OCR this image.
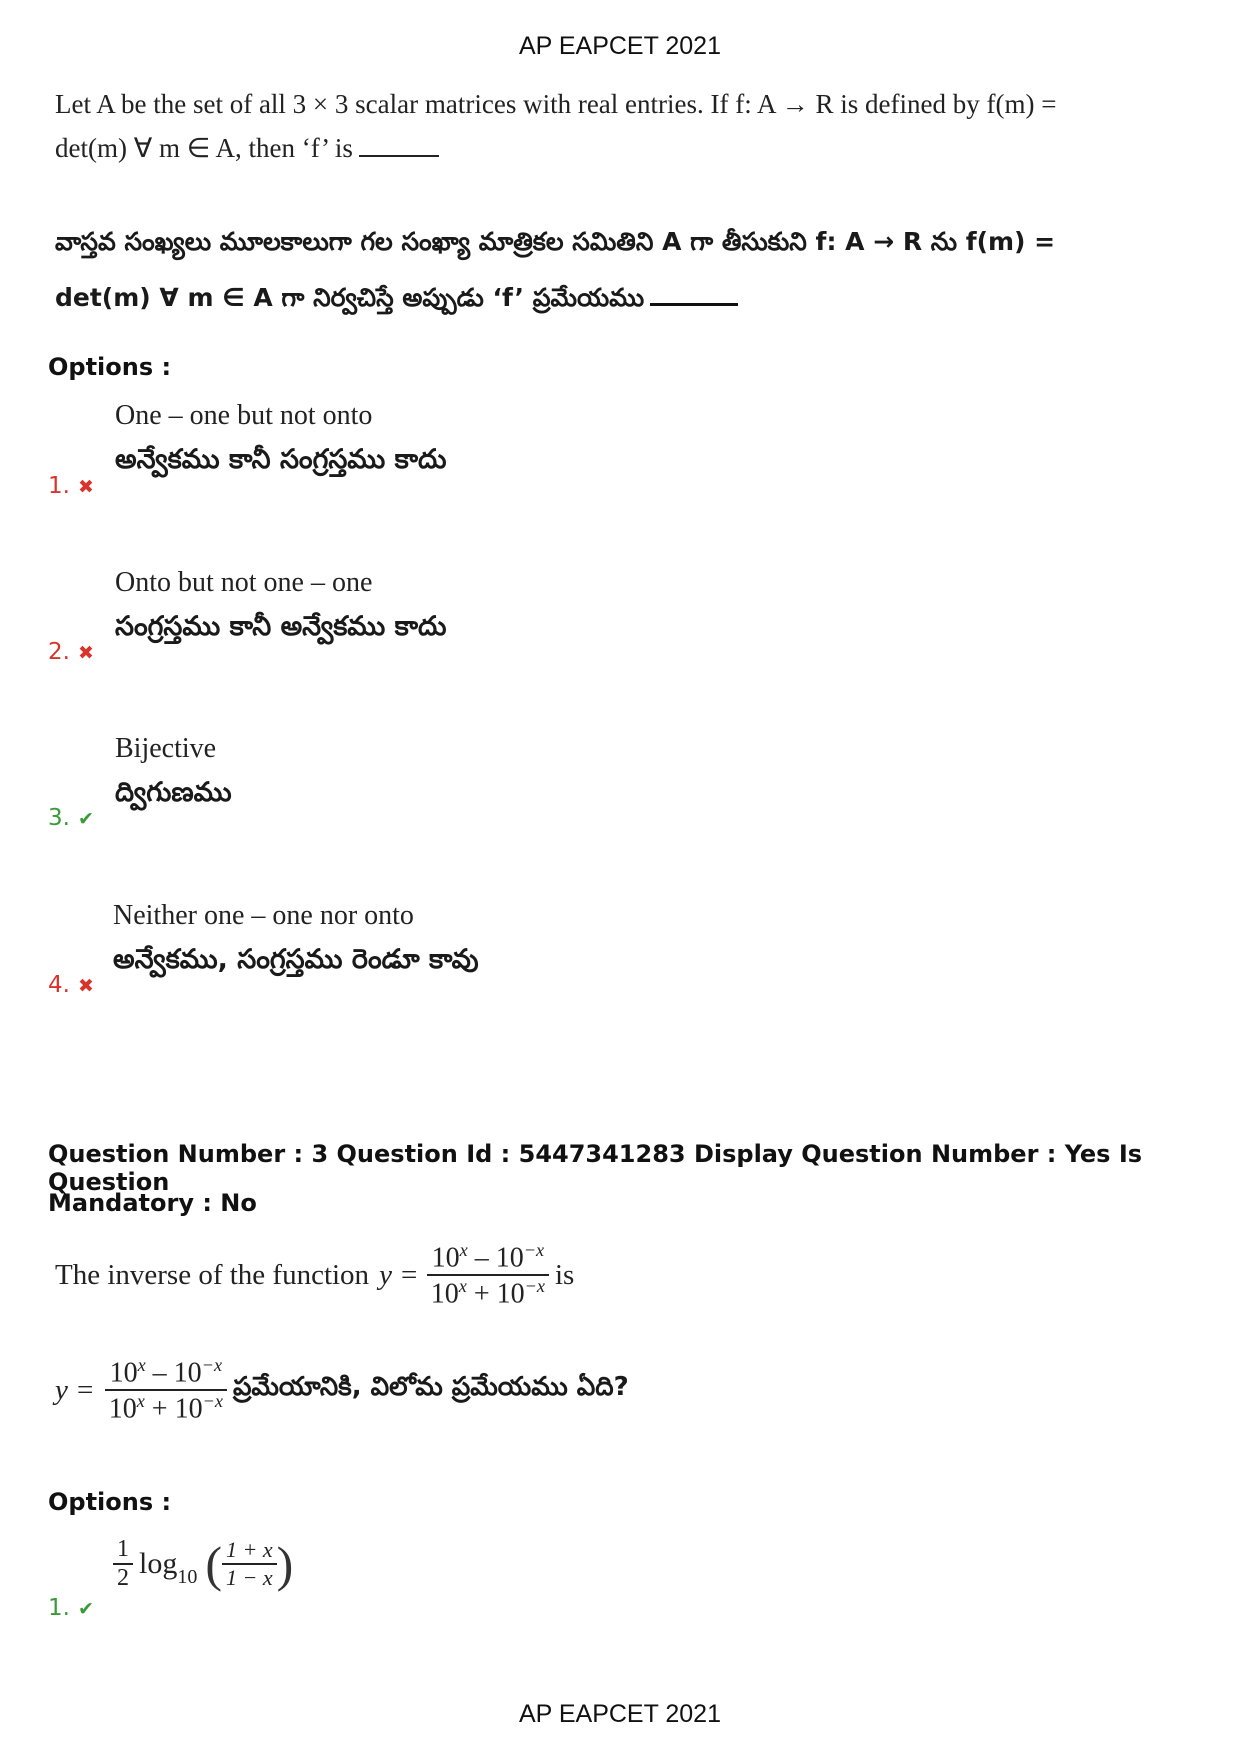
AP EAPCET 2021
Let A be the set of all 3 × 3 scalar matrices with real entries. If f: A → R is defined by f(m) =
det(m) ∀ m ∈ A, then ‘f’ is
వాస్తవ సంఖ్యలు మూలకాలుగా గల సంఖ్యా మాత్రికల సమితిని A గా తీసుకుని f: A → R ను f(m) =
det(m) ∀ m ∈ A గా నిర్వచిస్తే అప్పుడు ‘f’ ప్రమేయము
Options :
One – one but not onto
అన్వేకము కానీ సంగ్రస్తము కాదు
1. ✖
Onto but not one – one
సంగ్రస్తము కానీ అన్వేకము కాదు
2. ✖
Bijective
ద్విగుణము
3. ✔
Neither one – one nor onto
అన్వేకము, సంగ్రస్తము రెండూ కావు
4. ✖
Question Number : 3 Question Id : 5447341283 Display Question Number : Yes Is Question
Mandatory : No
The inverse of the function $y = \frac{10^x - 10^{-x}}{10^x + 10^{-x}}$ is
$y = \frac{10^x - 10^{-x}}{10^x + 10^{-x}}$ ప్రమేయానికి, విలోమ ప్రమేయము ఏది?
Options :
$\frac{1}{2}$ log 10 ( $\frac{1 + x}{1 - x}$ )
1. ✔
AP EAPCET 2021
